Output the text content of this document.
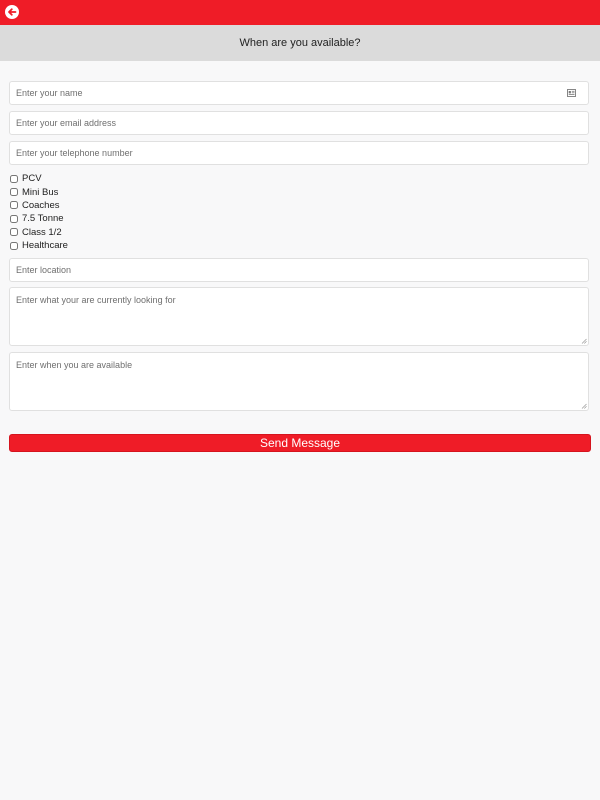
When are you available?
Enter your name
Enter your email address
Enter your telephone number
PCV
Mini Bus
Coaches
7.5 Tonne
Class 1/2
Healthcare
Enter location
Enter what your are currently looking for
Enter when you are available
Send Message
